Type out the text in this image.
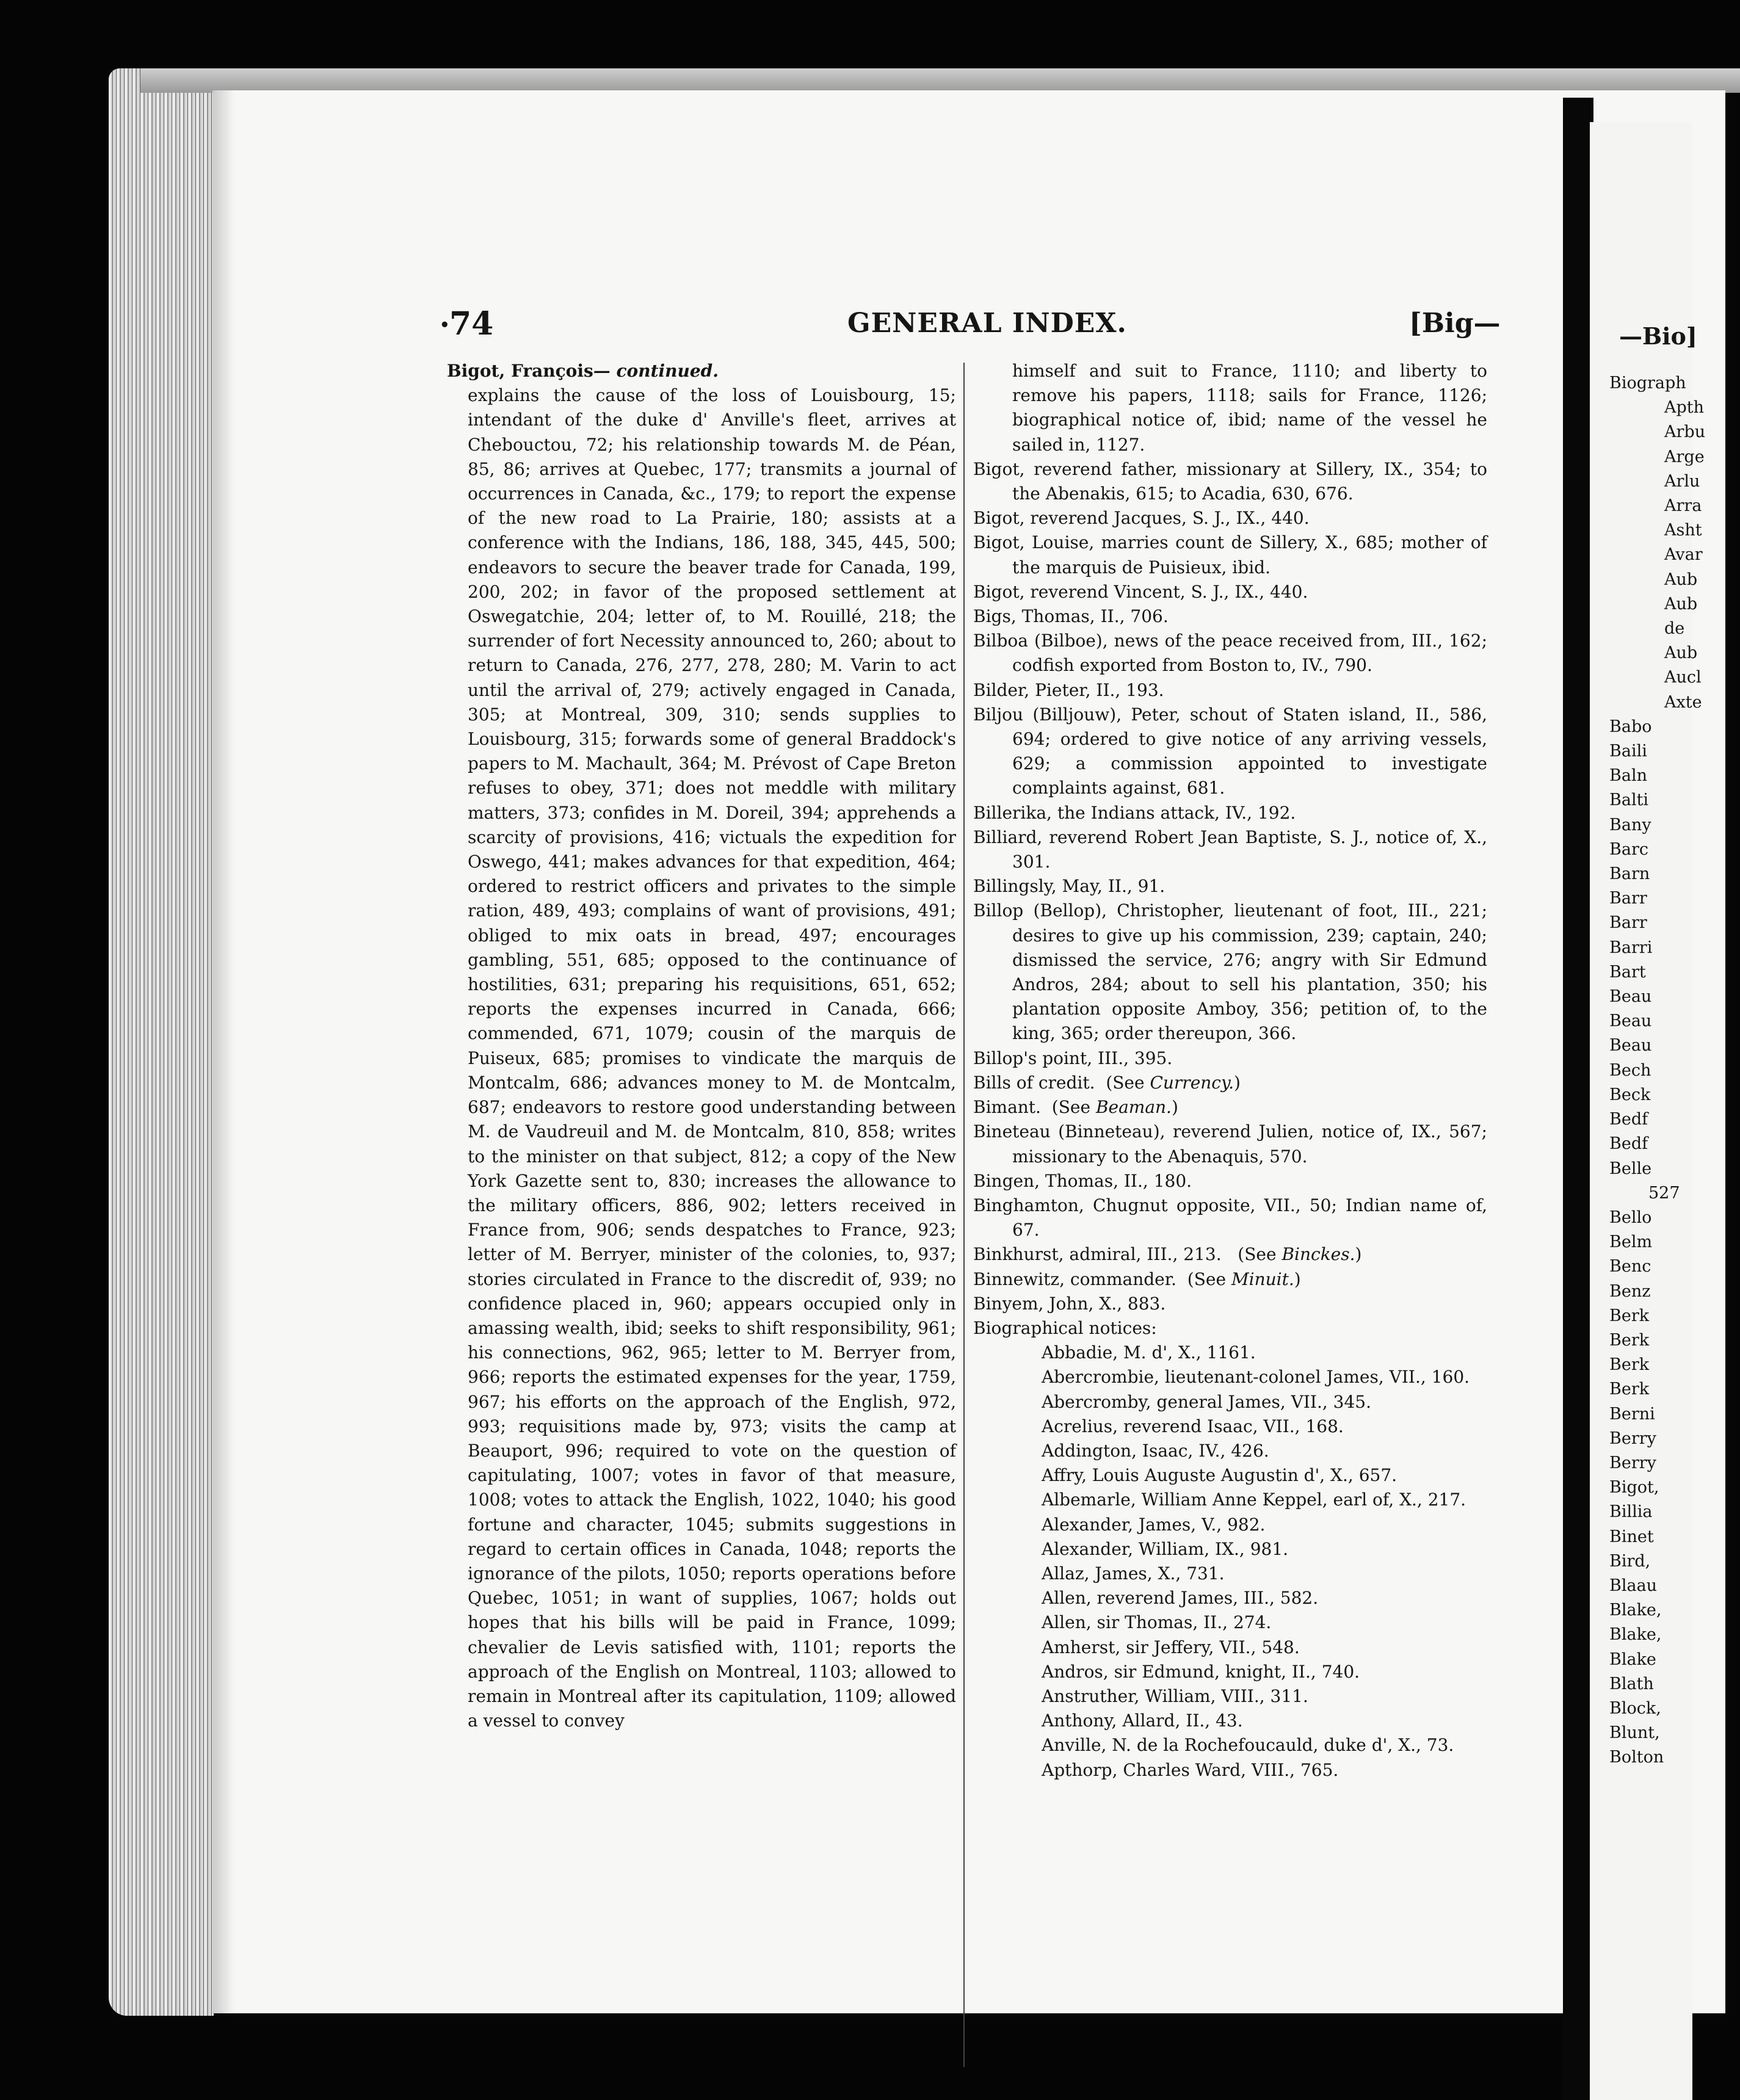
—Bio]
Biograph
Apth
Arbu
Arge
Arlu
Arra
Asht
Avar
Aub
Aub
de
Aub
Aucl
Axte
Babo
Baili
Baln
Balti
Bany
Barc
Barn
Barr
Barr
Barri
Bart
Beau
Beau
Beau
Bech
Beck
Bedf
Bedf
Belle
527
Bello
Belm
Benc
Benz
Berk
Berk
Berk
Berk
Berni
Berry
Berry
Bigot,
Billia
Binet
Bird,
Blaau
Blake,
Blake,
Blake
Blath
Block,
Blunt,
Bolton
• 74	GENERAL INDEX.	[Big—

Bigot, François— continued.

explains the cause of the loss of Louisbourg, 15; intendant of the duke d' Anville's fleet, arrives at Chebouctou, 72; his relationship towards M. de Péan, 85, 86; arrives at Quebec, 177; transmits a journal of occurrences in Canada, &c., 179; to report the expense of the new road to La Prairie, 180; assists at a conference with the Indians, 186, 188, 345, 445, 500; endeavors to secure the beaver trade for Canada, 199, 200, 202; in favor of the proposed settlement at Oswegatchie, 204; letter of, to M. Rouillé, 218; the surrender of fort Necessity announced to, 260; about to return to Canada, 276, 277, 278, 280; M. Varin to act until the arrival of, 279; actively engaged in Canada, 305; at Montreal, 309, 310; sends supplies to Louisbourg, 315; forwards some of general Braddock's papers to M. Machault, 364; M. Prévost of Cape Breton refuses to obey, 371; does not meddle with military matters, 373; confides in M. Doreil, 394; apprehends a scarcity of provisions, 416; victuals the expedition for Oswego, 441; makes advances for that expedition, 464; ordered to restrict officers and privates to the simple ration, 489, 493; complains of want of provisions, 491; obliged to mix oats in bread, 497; encourages gambling, 551, 685; opposed to the continuance of hostilities, 631; preparing his requisitions, 651, 652; reports the expenses incurred in Canada, 666; commended, 671, 1079; cousin of the marquis de Puiseux, 685; promises to vindicate the marquis de Montcalm, 686; advances money to M. de Montcalm, 687; endeavors to restore good understanding between M. de Vaudreuil and M. de Montcalm, 810, 858; writes to the minister on that subject, 812; a copy of the New York Gazette sent to, 830; increases the allowance to the military officers, 886, 902; letters received in France from, 906; sends despatches to France, 923; letter of M. Berryer, minister of the colonies, to, 937; stories circulated in France to the discredit of, 939; no confidence placed in, 960; appears occupied only in amassing wealth, ibid; seeks to shift responsibility, 961; his connections, 962, 965; letter to M. Berryer from, 966; reports the estimated expenses for the year, 1759, 967; his efforts on the approach of the English, 972, 993; requisitions made by, 973; visits the camp at Beauport, 996; required to vote on the question of capitulating, 1007; votes in favor of that measure, 1008; votes to attack the English, 1022, 1040; his good fortune and character, 1045; submits suggestions in regard to certain offices in Canada, 1048; reports the ignorance of the pilots, 1050; reports operations before Quebec, 1051; in want of supplies, 1067; holds out hopes that his bills will be paid in France, 1099; chevalier de Levis satisfied with, 1101; reports the approach of the English on Montreal, 1103; allowed to remain in Montreal after its capitulation, 1109; allowed a vessel to convey
himself and suit to France, 1110; and liberty to remove his papers, 1118; sails for France, 1126; biographical notice of, ibid; name of the vessel he sailed in, 1127.

Bigot, reverend father, missionary at Sillery, IX., 354; to the Abenakis, 615; to Acadia, 630, 676.

Bigot, reverend Jacques, S. J., IX., 440.

Bigot, Louise, marries count de Sillery, X., 685; mother of the marquis de Puisieux, ibid.

Bigot, reverend Vincent, S. J., IX., 440.

Bigs, Thomas, II., 706.

Bilboa (Bilboe), news of the peace received from, III., 162; codfish exported from Boston to, IV., 790.

Bilder, Pieter, II., 193.

Biljou (Billjouw), Peter, schout of Staten island, II., 586, 694; ordered to give notice of any arriving vessels, 629; a commission appointed to investigate complaints against, 681.

Billerika, the Indians attack, IV., 192.

Billiard, reverend Robert Jean Baptiste, S. J., notice of, X., 301.

Billingsly, May, II., 91.

Billop (Bellop), Christopher, lieutenant of foot, III., 221; desires to give up his commission, 239; captain, 240; dismissed the service, 276; angry with Sir Edmund Andros, 284; about to sell his plantation, 350; his plantation opposite Amboy, 356; petition of, to the king, 365; order thereupon, 366.

Billop's point, III., 395.

Bills of credit. (See Currency.)

Bimant. (See Beaman.)

Bineteau (Binneteau), reverend Julien, notice of, IX., 567; missionary to the Abenaquis, 570.

Bingen, Thomas, II., 180.

Binghamton, Chugnut opposite, VII., 50; Indian name of, 67.

Binkhurst, admiral, III., 213. (See Binckes.)

Binnewitz, commander. (See Minuit.)

Binyem, John, X., 883.

Biographical notices:

Abbadie, M. d', X., 1161.

Abercrombie, lieutenant-colonel James, VII., 160.

Abercromby, general James, VII., 345.

Acrelius, reverend Isaac, VII., 168.

Addington, Isaac, IV., 426.

Affry, Louis Auguste Augustin d', X., 657.

Albemarle, William Anne Keppel, earl of, X., 217.

Alexander, James, V., 982.

Alexander, William, IX., 981.

Allaz, James, X., 731.

Allen, reverend James, III., 582.

Allen, sir Thomas, II., 274.

Amherst, sir Jeffery, VII., 548.

Andros, sir Edmund, knight, II., 740.

Anstruther, William, VIII., 311.

Anthony, Allard, II., 43.

Anville, N. de la Rochefoucauld, duke d', X., 73.

Apthorp, Charles Ward, VIII., 765.
